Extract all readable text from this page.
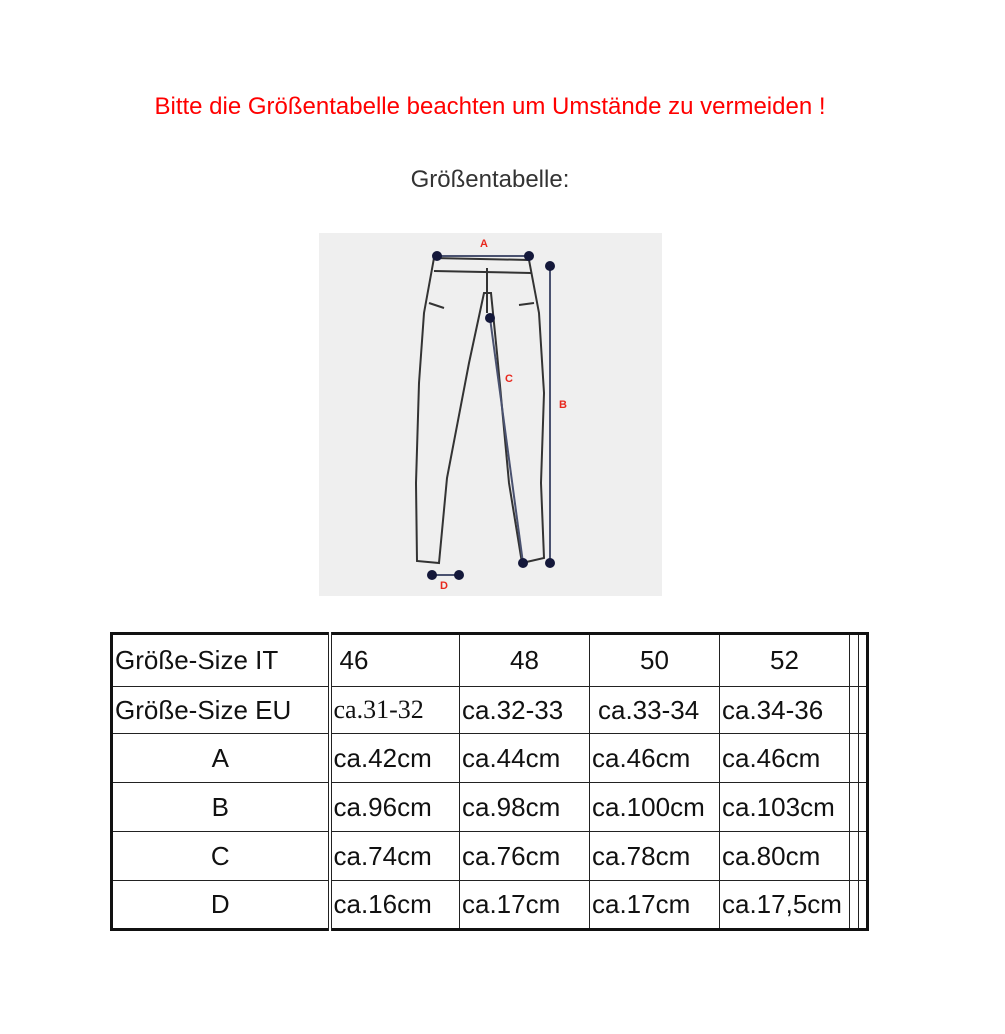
Bitte die Größentabelle beachten um Umstände zu vermeiden !
Größentabelle:
A
B
C
D
Größe-Size IT	46	48	50	52		
Größe-Size EU	ca.31-32	ca.32-33	ca.33-34	ca.34-36		
A	ca.42cm	ca.44cm	ca.46cm	ca.46cm		
B	ca.96cm	ca.98cm	ca.100cm	ca.103cm		
C	ca.74cm	ca.76cm	ca.78cm	ca.80cm		
D	ca.16cm	ca.17cm	ca.17cm	ca.17,5cm		
